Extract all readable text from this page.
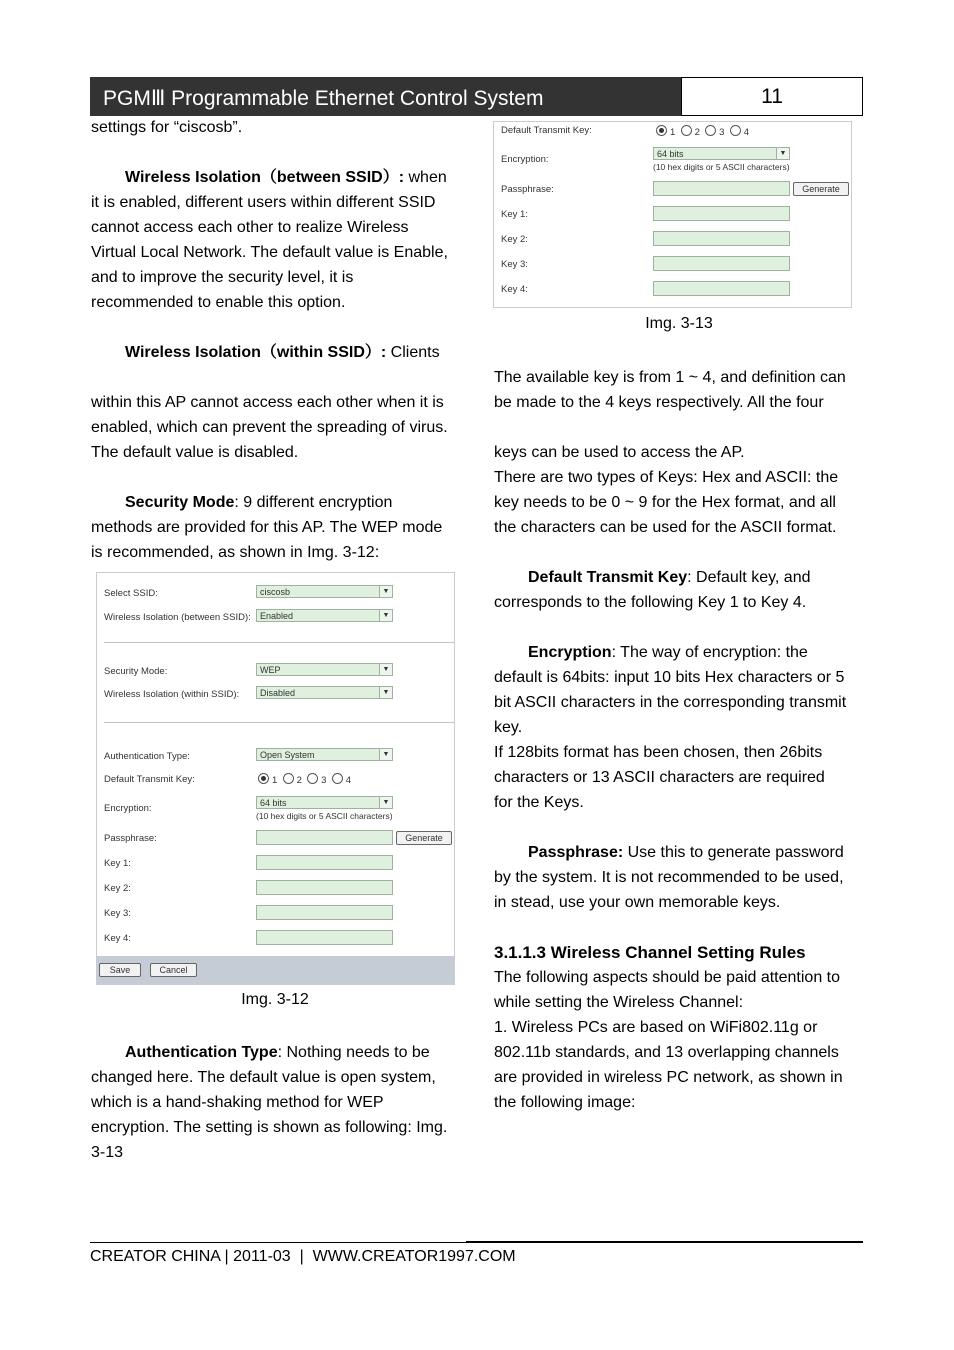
PGMⅢ Programmable Ethernet Control System	11

settings for “ciscosb”.

Wireless Isolation（between SSID）: when

it is enabled, different users within different SSID

cannot access each other to realize Wireless

Virtual Local Network. The default value is Enable,

and to improve the security level, it is

recommended to enable this option.

Wireless Isolation（within SSID）: Clients

within this AP cannot access each other when it is

enabled, which can prevent the spreading of virus.

The default value is disabled.

Security Mode: 9 different encryption

methods are provided for this AP. The WEP mode

is recommended, as shown in Img. 3-12:

Select SSID:	ciscosb	▼
Wireless Isolation (between SSID):	Enabled	▼
Security Mode:	WEP	▼
Wireless Isolation (within SSID):	Disabled	▼
Authentication Type:	Open System	▼
Default Transmit Key:	1 2 3 4
Encryption:	64 bits	▼
(10 hex digits or 5 ASCII characters)
Passphrase:	Generate
Key 1:
Key 2:
Key 3:
Key 4:
Save	Cancel
Img. 3-12

Authentication Type: Nothing needs to be

changed here. The default value is open system,

which is a hand-shaking method for WEP

encryption. The setting is shown as following: Img.

3-13

Default Transmit Key:	1 2 3 4
Encryption:	64 bits	▼
(10 hex digits or 5 ASCII characters)
Passphrase:	Generate
Key 1:
Key 2:
Key 3:
Key 4:
Img. 3-13

The available key is from 1 ~ 4, and definition can

be made to the 4 keys respectively. All the four

keys can be used to access the AP.

There are two types of Keys: Hex and ASCII: the

key needs to be 0 ~ 9 for the Hex format, and all

the characters can be used for the ASCII format.

Default Transmit Key: Default key, and

corresponds to the following Key 1 to Key 4.

Encryption: The way of encryption: the

default is 64bits: input 10 bits Hex characters or 5

bit ASCII characters in the corresponding transmit

key.

If 128bits format has been chosen, then 26bits

characters or 13 ASCII characters are required

for the Keys.

Passphrase: Use this to generate password

by the system. It is not recommended to be used,

in stead, use your own memorable keys.

3.1.1.3 Wireless Channel Setting Rules

The following aspects should be paid attention to

while setting the Wireless Channel:

1. Wireless PCs are based on WiFi802.11g or

802.11b standards, and 13 overlapping channels

are provided in wireless PC network, as shown in

the following image:

CREATOR CHINA | 2011-03 | WWW.CREATOR1997.COM
